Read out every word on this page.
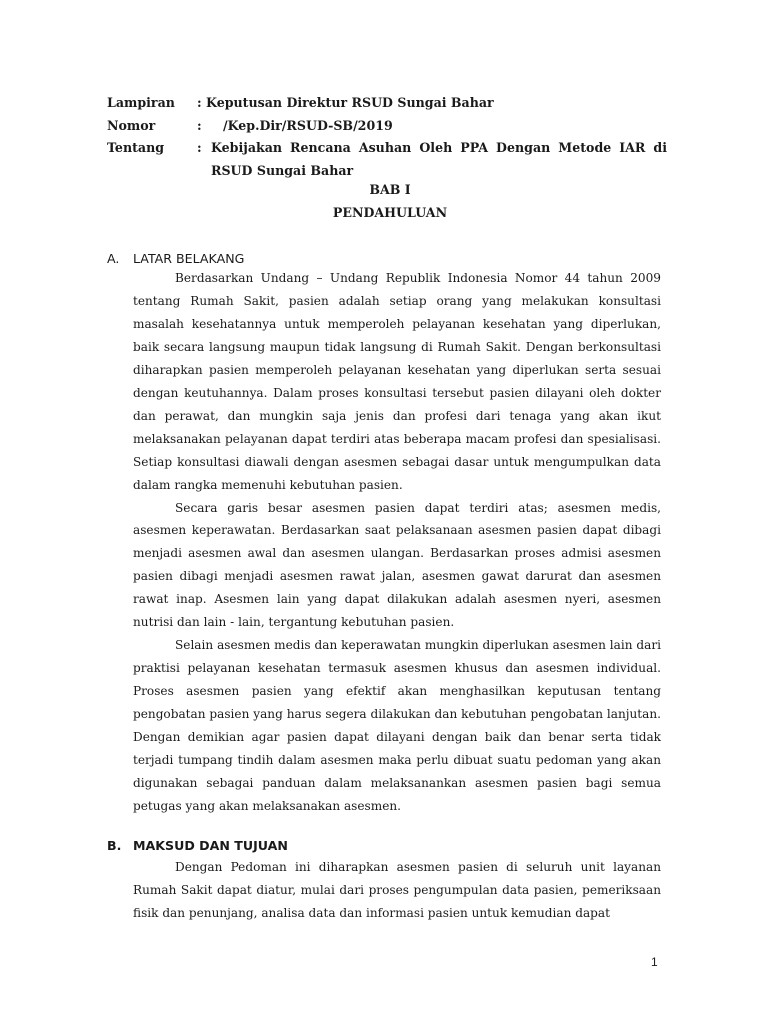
Lampiran	: Keputusan Direktur RSUD Sungai Bahar
Nomor	:	/Kep.Dir/RSUD-SB/2019
Tentang	: Kebijakan Rencana Asuhan Oleh PPA Dengan Metode IAR di RSUD Sungai Bahar
BAB I
PENDAHULUAN
A.	LATAR BELAKANG

Berdasarkan Undang – Undang Republik Indonesia Nomor 44 tahun 2009 tentang Rumah Sakit, pasien adalah setiap orang yang melakukan konsultasi masalah kesehatannya untuk memperoleh pelayanan kesehatan yang diperlukan, baik secara langsung maupun tidak langsung di Rumah Sakit. Dengan berkonsultasi diharapkan pasien memperoleh pelayanan kesehatan yang diperlukan serta sesuai dengan keutuhannya. Dalam proses konsultasi tersebut pasien dilayani oleh dokter dan perawat, dan mungkin saja jenis dan profesi dari tenaga yang akan ikut melaksanakan pelayanan dapat terdiri atas beberapa macam profesi dan spesialisasi. Setiap konsultasi diawali dengan asesmen sebagai dasar untuk mengumpulkan data dalam rangka memenuhi kebutuhan pasien.

Secara garis besar asesmen pasien dapat terdiri atas; asesmen medis, asesmen keperawatan. Berdasarkan saat pelaksanaan asesmen pasien dapat dibagi menjadi asesmen awal dan asesmen ulangan. Berdasarkan proses admisi asesmen pasien dibagi menjadi asesmen rawat jalan, asesmen gawat darurat dan asesmen rawat inap. Asesmen lain yang dapat dilakukan adalah asesmen nyeri, asesmen nutrisi dan lain - lain, tergantung kebutuhan pasien.

Selain asesmen medis dan keperawatan mungkin diperlukan asesmen lain dari praktisi pelayanan kesehatan termasuk asesmen khusus dan asesmen individual. Proses asesmen pasien yang efektif akan menghasilkan keputusan tentang pengobatan pasien yang harus segera dilakukan dan kebutuhan pengobatan lanjutan. Dengan demikian agar pasien dapat dilayani dengan baik dan benar serta tidak terjadi tumpang tindih dalam asesmen maka perlu dibuat suatu pedoman yang akan digunakan sebagai panduan dalam melaksanankan asesmen pasien bagi semua petugas yang akan melaksanakan asesmen.

B. MAKSUD DAN TUJUAN

Dengan Pedoman ini diharapkan asesmen pasien di seluruh unit layanan Rumah Sakit dapat diatur, mulai dari proses pengumpulan data pasien, pemeriksaan fisik dan penunjang, analisa data dan informasi pasien untuk kemudian dapat

1
